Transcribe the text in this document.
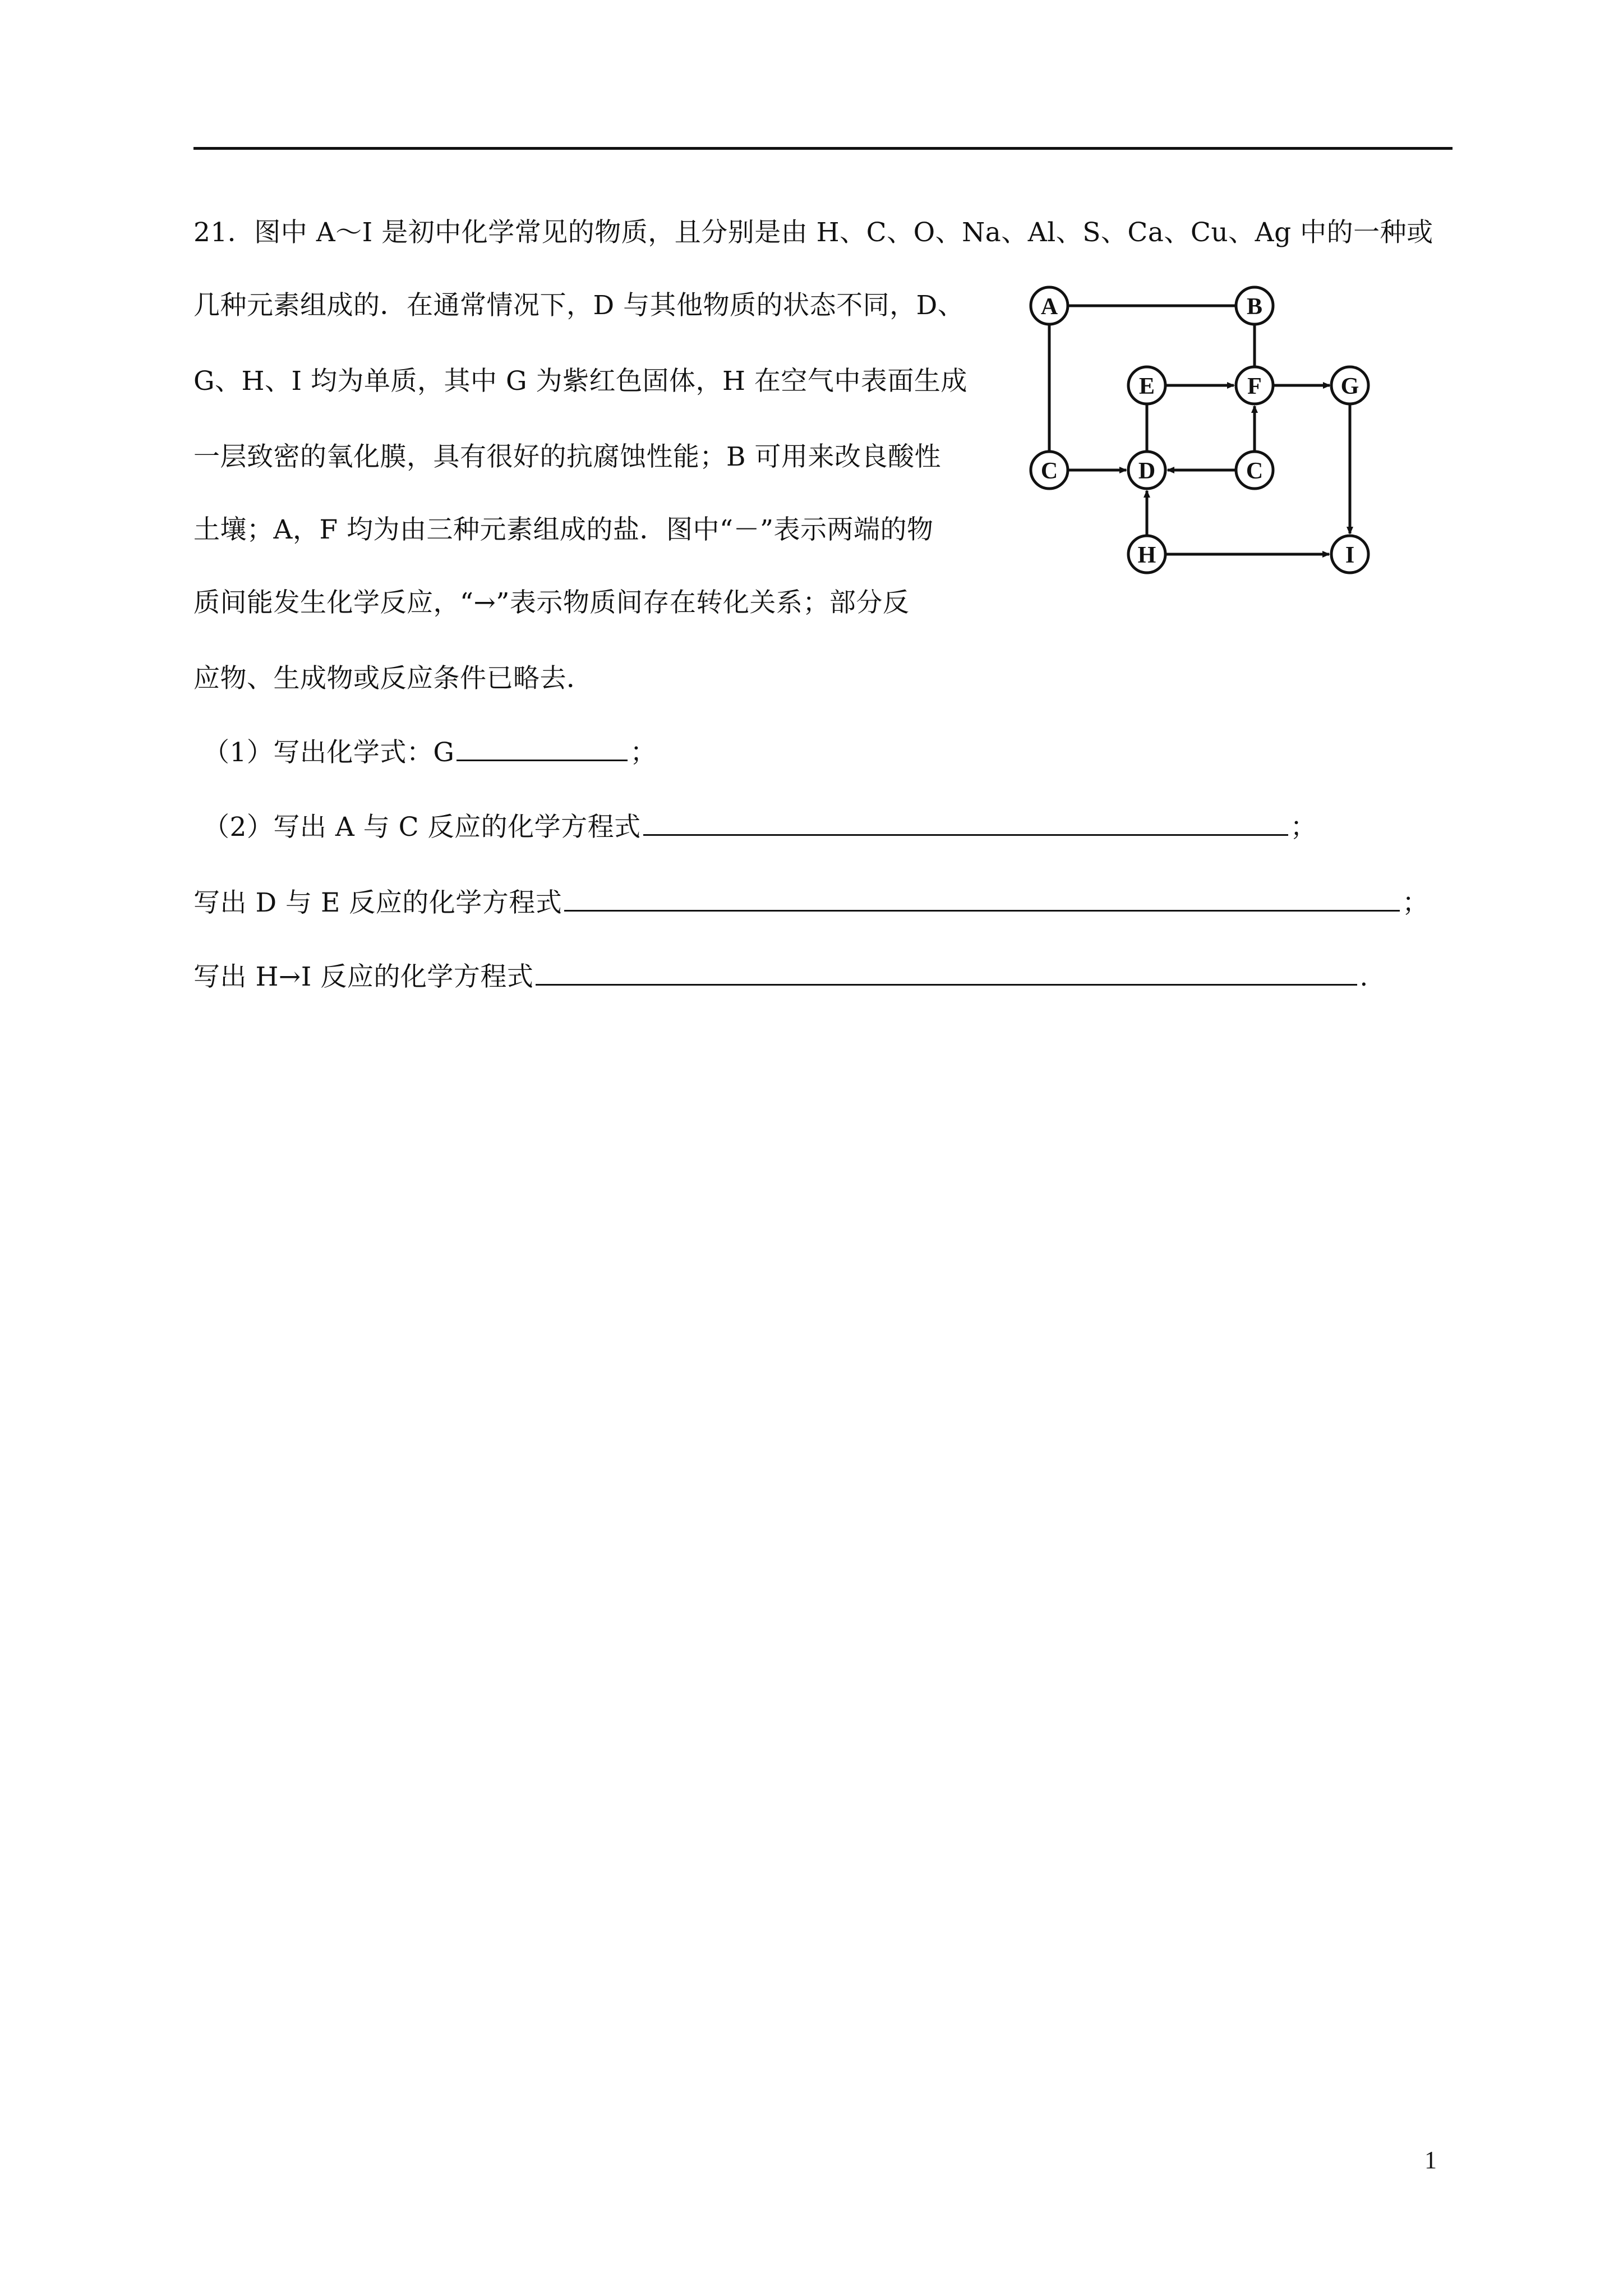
21．图中 A～I 是初中化学常见的物质，且分别是由 H、C、O、Na、Al、S、Ca、Cu、Ag 中的一种或
几种元素组成的．在通常情况下，D 与其他物质的状态不同，D、
G、H、I 均为单质，其中 G 为紫红色固体，H 在空气中表面生成
一层致密的氧化膜，具有很好的抗腐蚀性能；B 可用来改良酸性
土壤；A，F 均为由三种元素组成的盐．图中“－”表示两端的物
质间能发生化学反应，“→”表示物质间存在转化关系；部分反
应物、生成物或反应条件已略去．
A	B
E	F	G
C	D	C
H	I
（1）写出化学式：G	；
（2）写出 A 与 C 反应的化学方程式	；
写出 D 与 E 反应的化学方程式	；
写出 H→I 反应的化学方程式	.
1
